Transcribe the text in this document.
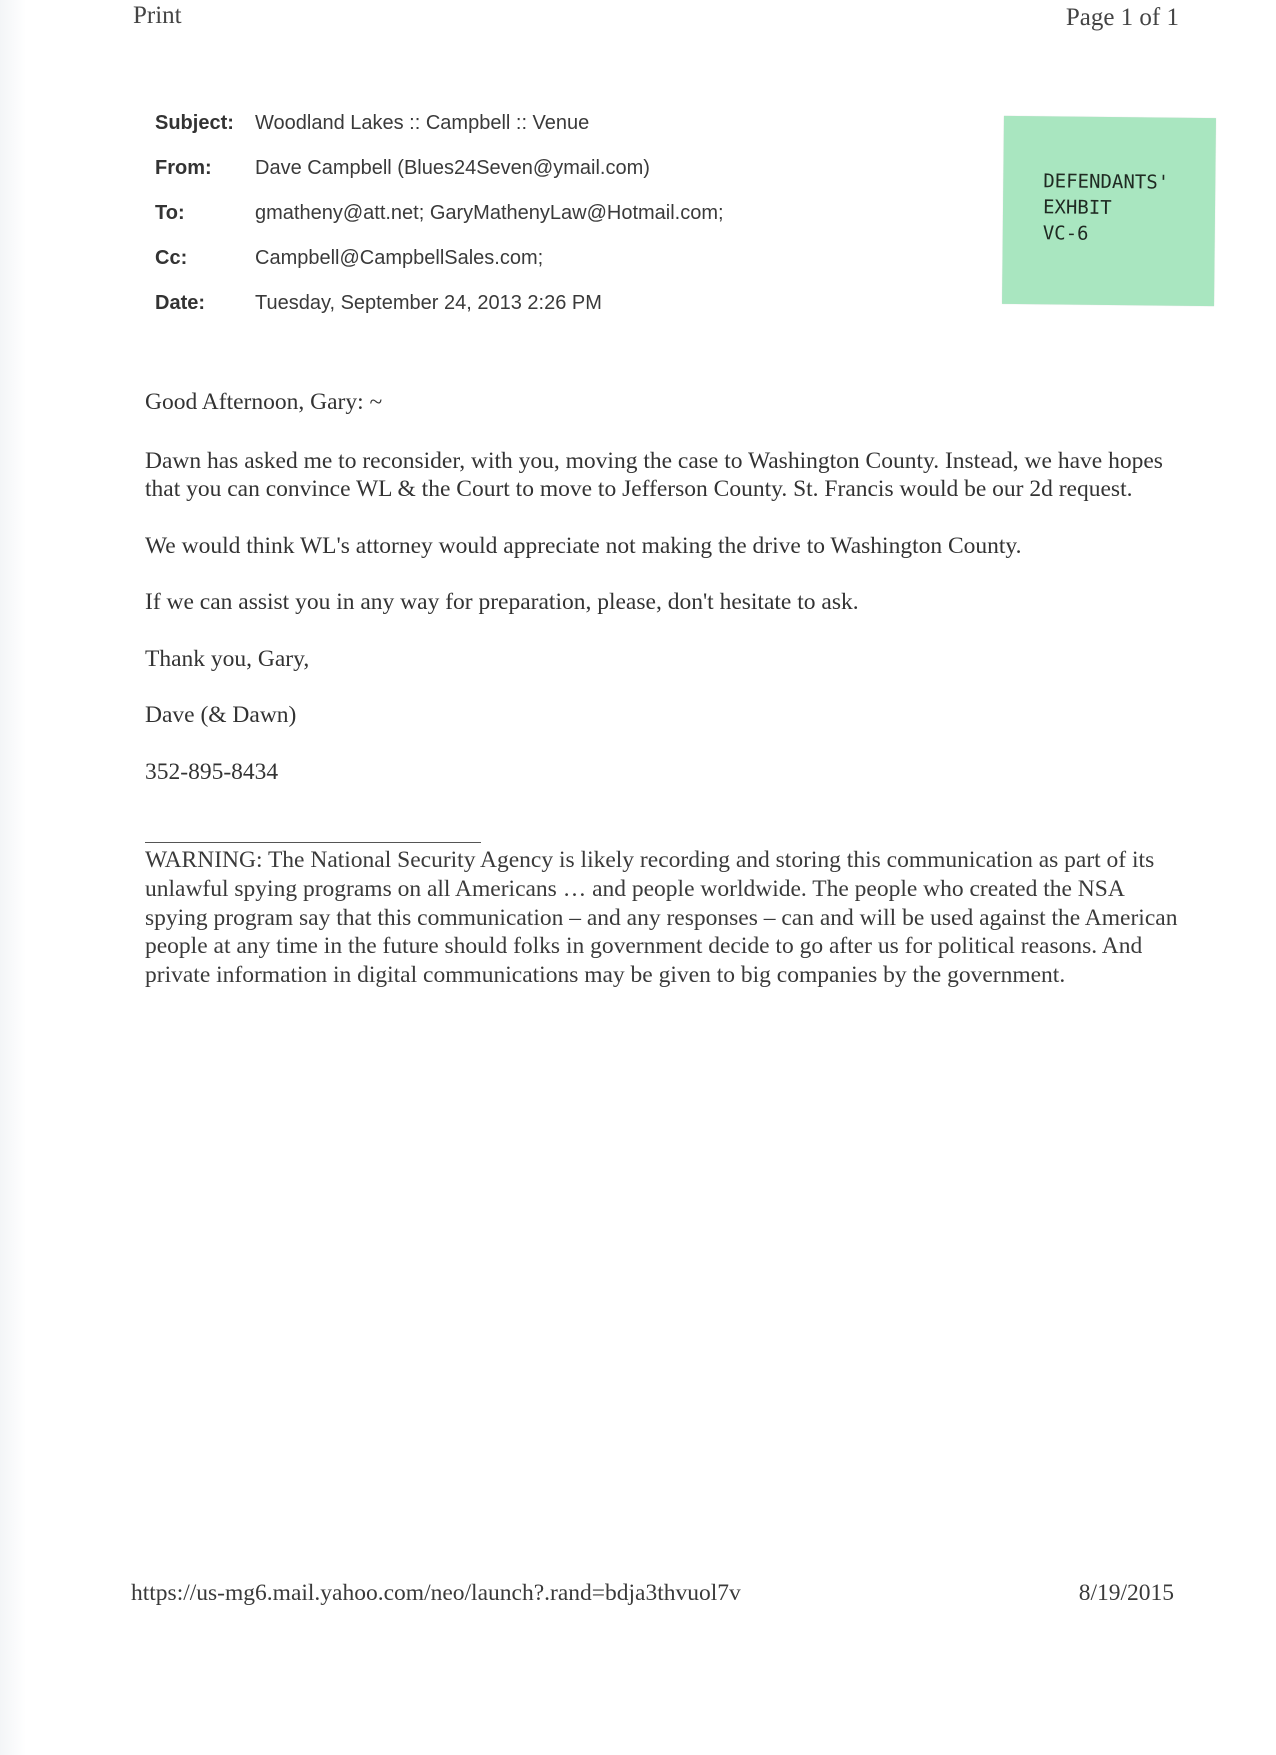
Print	Page 1 of 1
Subject:	Woodland Lakes :: Campbell :: Venue
From:	Dave Campbell (Blues24Seven@ymail.com)
To:	gmatheny@att.net; GaryMathenyLaw@Hotmail.com;
Cc:	Campbell@CampbellSales.com;
Date:	Tuesday, September 24, 2013 2:26 PM
DEFENDANTS'
EXHBIT
VC-6

Good Afternoon, Gary: ~

Dawn has asked me to reconsider, with you, moving the case to Washington County. Instead, we have hopes that you can convince WL & the Court to move to Jefferson County. St. Francis would be our 2d request.

We would think WL's attorney would appreciate not making the drive to Washington County.

If we can assist you in any way for preparation, please, don't hesitate to ask.

Thank you, Gary,

Dave (& Dawn)

352-895-8434

WARNING: The National Security Agency is likely recording and storing this communication as part of its unlawful spying programs on all Americans … and people worldwide. The people who created the NSA spying program say that this communication – and any responses – can and will be used against the American people at any time in the future should folks in government decide to go after us for political reasons. And private information in digital communications may be given to big companies by the government.
https://us-mg6.mail.yahoo.com/neo/launch?.rand=bdja3thvuol7v	8/19/2015
